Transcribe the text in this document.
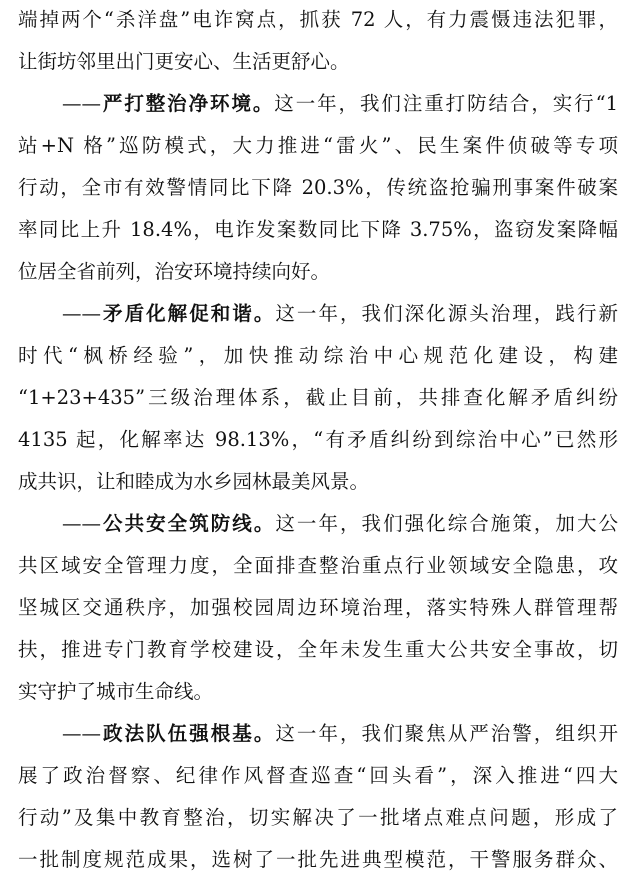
端掉两个“杀洋盘”电诈窝点，抓获 72 人，有力震慑违法犯罪，
让街坊邻里出门更安心、生活更舒心。
——严打整治净环境。这一年，我们注重打防结合，实行“1
站+N 格”巡防模式，大力推进“雷火”、民生案件侦破等专项
行动，全市有效警情同比下降 20.3%，传统盗抢骗刑事案件破案
率同比上升 18.4%，电诈发案数同比下降 3.75%，盗窃发案降幅
位居全省前列，治安环境持续向好。
——矛盾化解促和谐。这一年，我们深化源头治理，践行新
时代“枫桥经验”，加快推动综治中心规范化建设，构建
“1+23+435”三级治理体系，截止目前，共排查化解矛盾纠纷
4135 起，化解率达 98.13%，“有矛盾纠纷到综治中心”已然形
成共识，让和睦成为水乡园林最美风景。
——公共安全筑防线。这一年，我们强化综合施策，加大公
共区域安全管理力度，全面排查整治重点行业领域安全隐患，攻
坚城区交通秩序，加强校园周边环境治理，落实特殊人群管理帮
扶，推进专门教育学校建设，全年未发生重大公共安全事故，切
实守护了城市生命线。
——政法队伍强根基。这一年，我们聚焦从严治警，组织开
展了政治督察、纪律作风督查巡查“回头看”，深入推进“四大
行动”及集中教育整治，切实解决了一批堵点难点问题，形成了
一批制度规范成果，选树了一批先进典型模范，干警服务群众、
